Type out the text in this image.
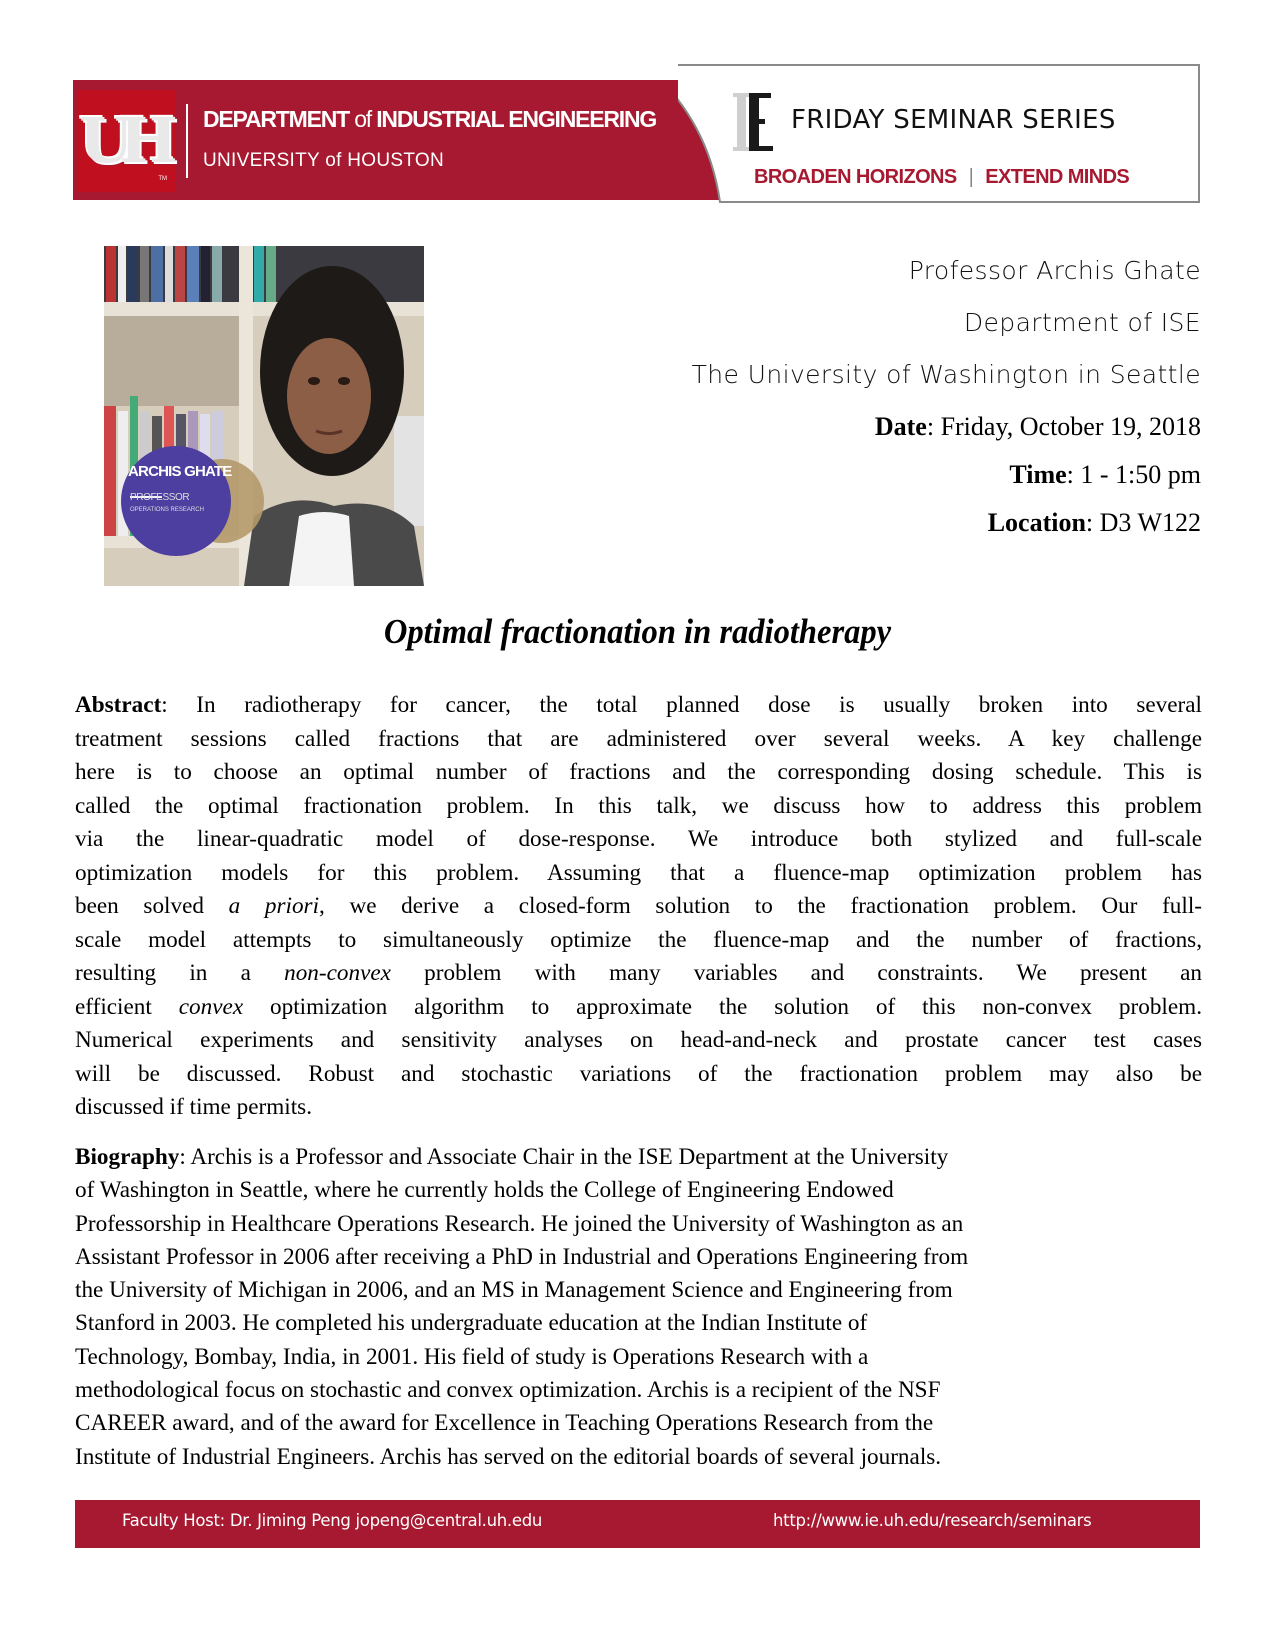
UH
TM
DEPARTMENT of INDUSTRIAL ENGINEERING
UNIVERSITY of HOUSTON
FRIDAY SEMINAR SERIES
BROADEN HORIZONS | EXTEND MINDS
ARCHIS GHATE
PROFESSOR
OPERATIONS RESEARCH
Professor Archis Ghate
Department of ISE
The University of Washington in Seattle
Date: Friday, October 19, 2018
Time: 1 - 1:50 pm
Location: D3 W122
Optimal fractionation in radiotherapy
Abstract: In radiotherapy for cancer, the total planned dose is usually broken into several
treatment sessions called fractions that are administered over several weeks. A key challenge
here is to choose an optimal number of fractions and the corresponding dosing schedule. This is
called the optimal fractionation problem. In this talk, we discuss how to address this problem
via the linear-quadratic model of dose-response. We introduce both stylized and full-scale
optimization models for this problem. Assuming that a fluence-map optimization problem has
been solved a priori, we derive a closed-form solution to the fractionation problem. Our full-
scale model attempts to simultaneously optimize the fluence-map and the number of fractions,
resulting in a non-convex problem with many variables and constraints. We present an
efficient convex optimization algorithm to approximate the solution of this non-convex problem.
Numerical experiments and sensitivity analyses on head-and-neck and prostate cancer test cases
will be discussed. Robust and stochastic variations of the fractionation problem may also be
discussed if time permits.
Biography: Archis is a Professor and Associate Chair in the ISE Department at the University
of Washington in Seattle, where he currently holds the College of Engineering Endowed
Professorship in Healthcare Operations Research. He joined the University of Washington as an
Assistant Professor in 2006 after receiving a PhD in Industrial and Operations Engineering from
the University of Michigan in 2006, and an MS in Management Science and Engineering from
Stanford in 2003. He completed his undergraduate education at the Indian Institute of
Technology, Bombay, India, in 2001. His field of study is Operations Research with a
methodological focus on stochastic and convex optimization. Archis is a recipient of the NSF
CAREER award, and of the award for Excellence in Teaching Operations Research from the
Institute of Industrial Engineers. Archis has served on the editorial boards of several journals.
Faculty Host: Dr. Jiming Peng jopeng@central.uh.edu	http://www.ie.uh.edu/research/seminars
